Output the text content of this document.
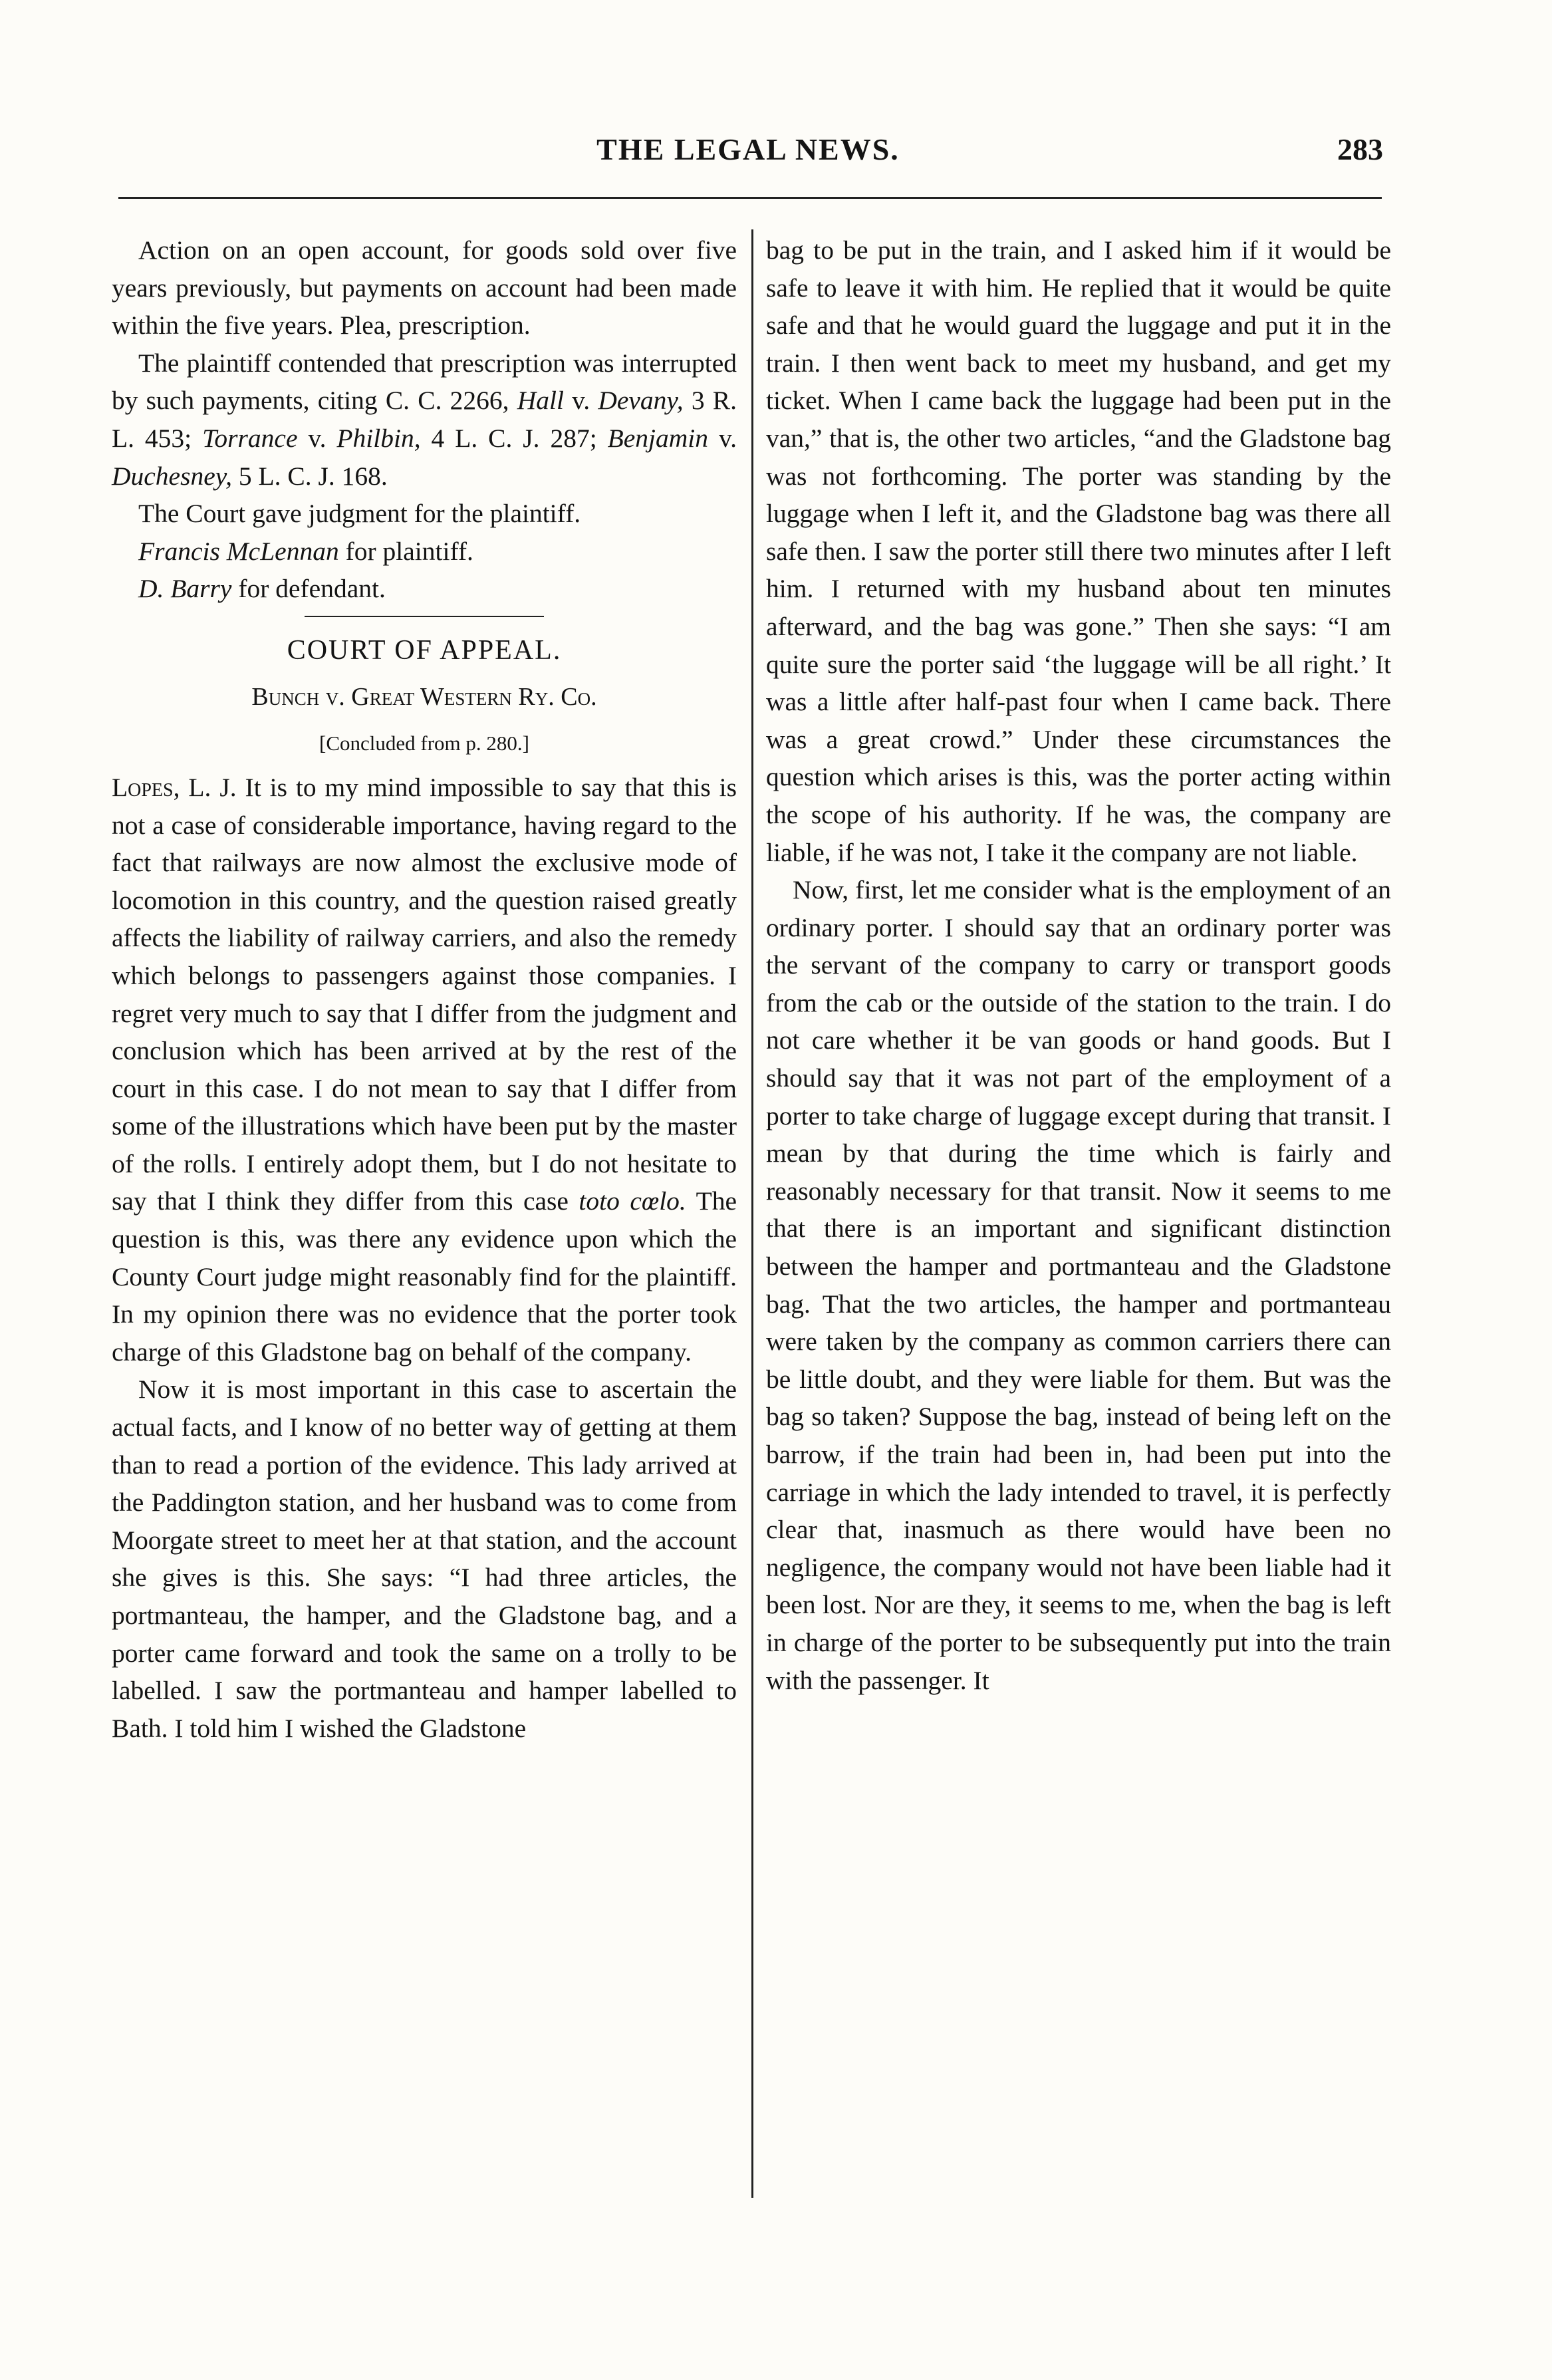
THE LEGAL NEWS.	283

Action on an open account, for goods sold over five years previously, but payments on account had been made within the five years. Plea, prescription.

The plaintiff contended that prescription was interrupted by such payments, citing C. C. 2266, Hall v. Devany, 3 R. L. 453; Torrance v. Philbin, 4 L. C. J. 287; Benjamin v. Duchesney, 5 L. C. J. 168.

The Court gave judgment for the plaintiff.

Francis McLennan for plaintiff.

D. Barry for defendant.

COURT OF APPEAL.
Bunch v. Great Western Ry. Co.
[Concluded from p. 280.]

Lopes, L. J. It is to my mind impossible to say that this is not a case of considerable importance, having regard to the fact that railways are now almost the exclusive mode of locomotion in this country, and the question raised greatly affects the liability of railway carriers, and also the remedy which belongs to passengers against those companies. I regret very much to say that I differ from the judgment and conclusion which has been arrived at by the rest of the court in this case. I do not mean to say that I differ from some of the illustrations which have been put by the master of the rolls. I entirely adopt them, but I do not hesitate to say that I think they differ from this case toto cœlo. The question is this, was there any evidence upon which the County Court judge might reasonably find for the plaintiff. In my opinion there was no evidence that the porter took charge of this Gladstone bag on behalf of the company.

Now it is most important in this case to ascertain the actual facts, and I know of no better way of getting at them than to read a portion of the evidence. This lady arrived at the Paddington station, and her husband was to come from Moorgate street to meet her at that station, and the account she gives is this. She says: “I had three articles, the portmanteau, the hamper, and the Gladstone bag, and a porter came forward and took the same on a trolly to be labelled. I saw the portmanteau and hamper labelled to Bath. I told him I wished the Gladstone

bag to be put in the train, and I asked him if it would be safe to leave it with him. He replied that it would be quite safe and that he would guard the luggage and put it in the train. I then went back to meet my husband, and get my ticket. When I came back the luggage had been put in the van,” that is, the other two articles, “and the Gladstone bag was not forthcoming. The porter was standing by the luggage when I left it, and the Gladstone bag was there all safe then. I saw the porter still there two minutes after I left him. I returned with my husband about ten minutes afterward, and the bag was gone.” Then she says: “I am quite sure the porter said ‘the luggage will be all right.’ It was a little after half-past four when I came back. There was a great crowd.” Under these circumstances the question which arises is this, was the porter acting within the scope of his authority. If he was, the company are liable, if he was not, I take it the company are not liable.

Now, first, let me consider what is the employment of an ordinary porter. I should say that an ordinary porter was the servant of the company to carry or transport goods from the cab or the outside of the station to the train. I do not care whether it be van goods or hand goods. But I should say that it was not part of the employment of a porter to take charge of luggage except during that transit. I mean by that during the time which is fairly and reasonably necessary for that transit. Now it seems to me that there is an important and significant distinction between the hamper and portmanteau and the Gladstone bag. That the two articles, the hamper and portmanteau were taken by the company as common carriers there can be little doubt, and they were liable for them. But was the bag so taken? Suppose the bag, instead of being left on the barrow, if the train had been in, had been put into the carriage in which the lady intended to travel, it is perfectly clear that, inasmuch as there would have been no negligence, the company would not have been liable had it been lost. Nor are they, it seems to me, when the bag is left in charge of the porter to be subsequently put into the train with the passenger. It
